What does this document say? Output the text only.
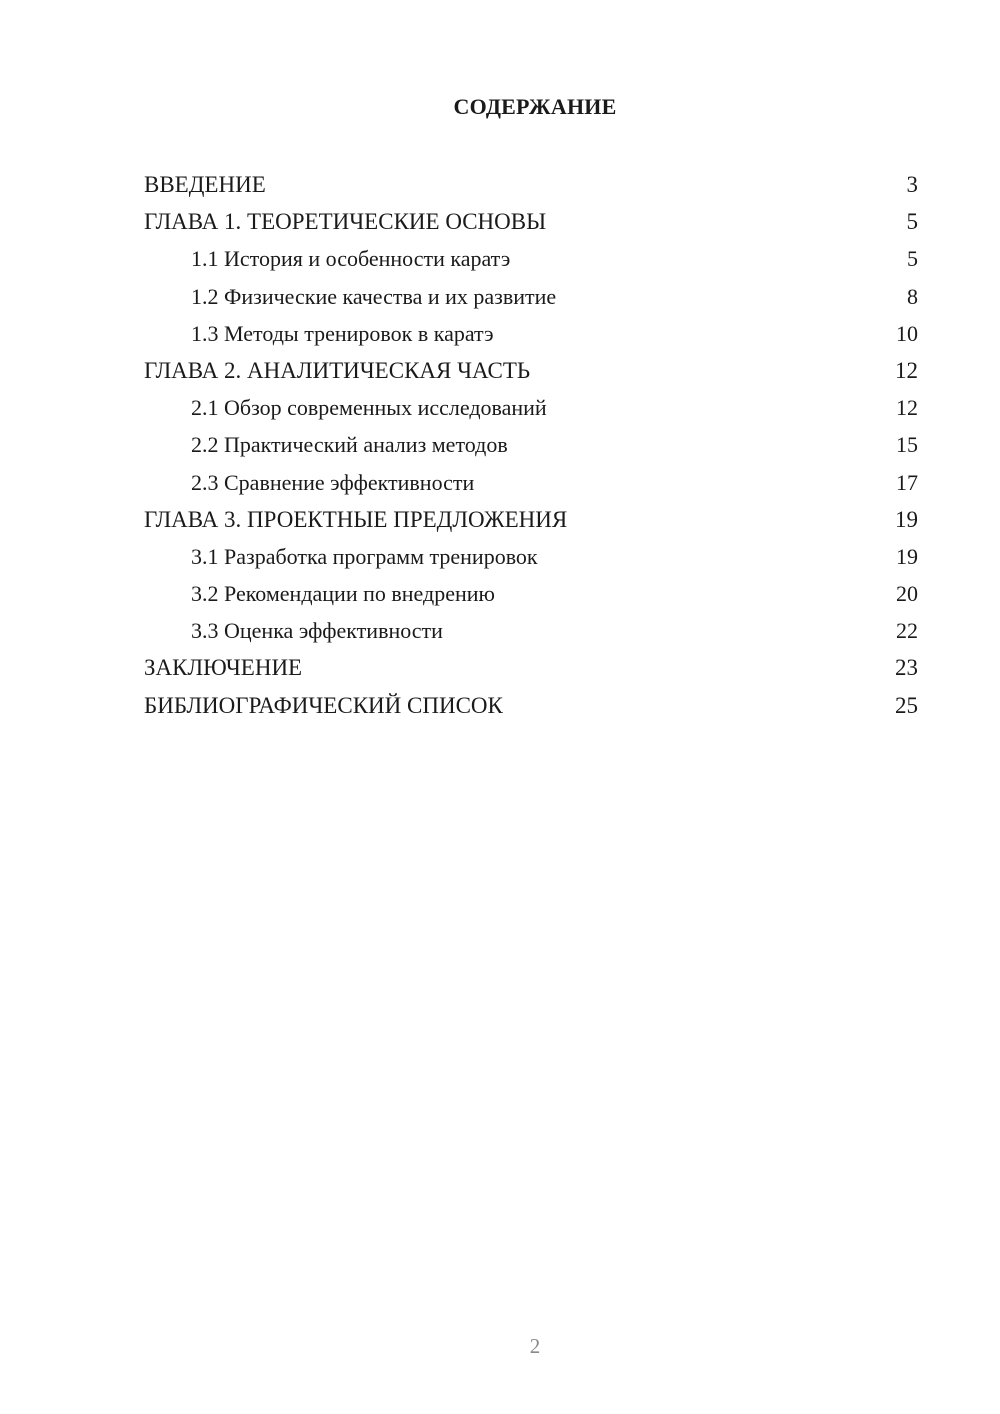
СОДЕРЖАНИЕ
ВВЕДЕНИЕ	3
ГЛАВА 1. ТЕОРЕТИЧЕСКИЕ ОСНОВЫ	5
1.1 История и особенности каратэ	5
1.2 Физические качества и их развитие	8
1.3 Методы тренировок в каратэ	10
ГЛАВА 2. АНАЛИТИЧЕСКАЯ ЧАСТЬ	12
2.1 Обзор современных исследований	12
2.2 Практический анализ методов	15
2.3 Сравнение эффективности	17
ГЛАВА 3. ПРОЕКТНЫЕ ПРЕДЛОЖЕНИЯ	19
3.1 Разработка программ тренировок	19
3.2 Рекомендации по внедрению	20
3.3 Оценка эффективности	22
ЗАКЛЮЧЕНИЕ	23
БИБЛИОГРАФИЧЕСКИЙ СПИСОК	25
2
